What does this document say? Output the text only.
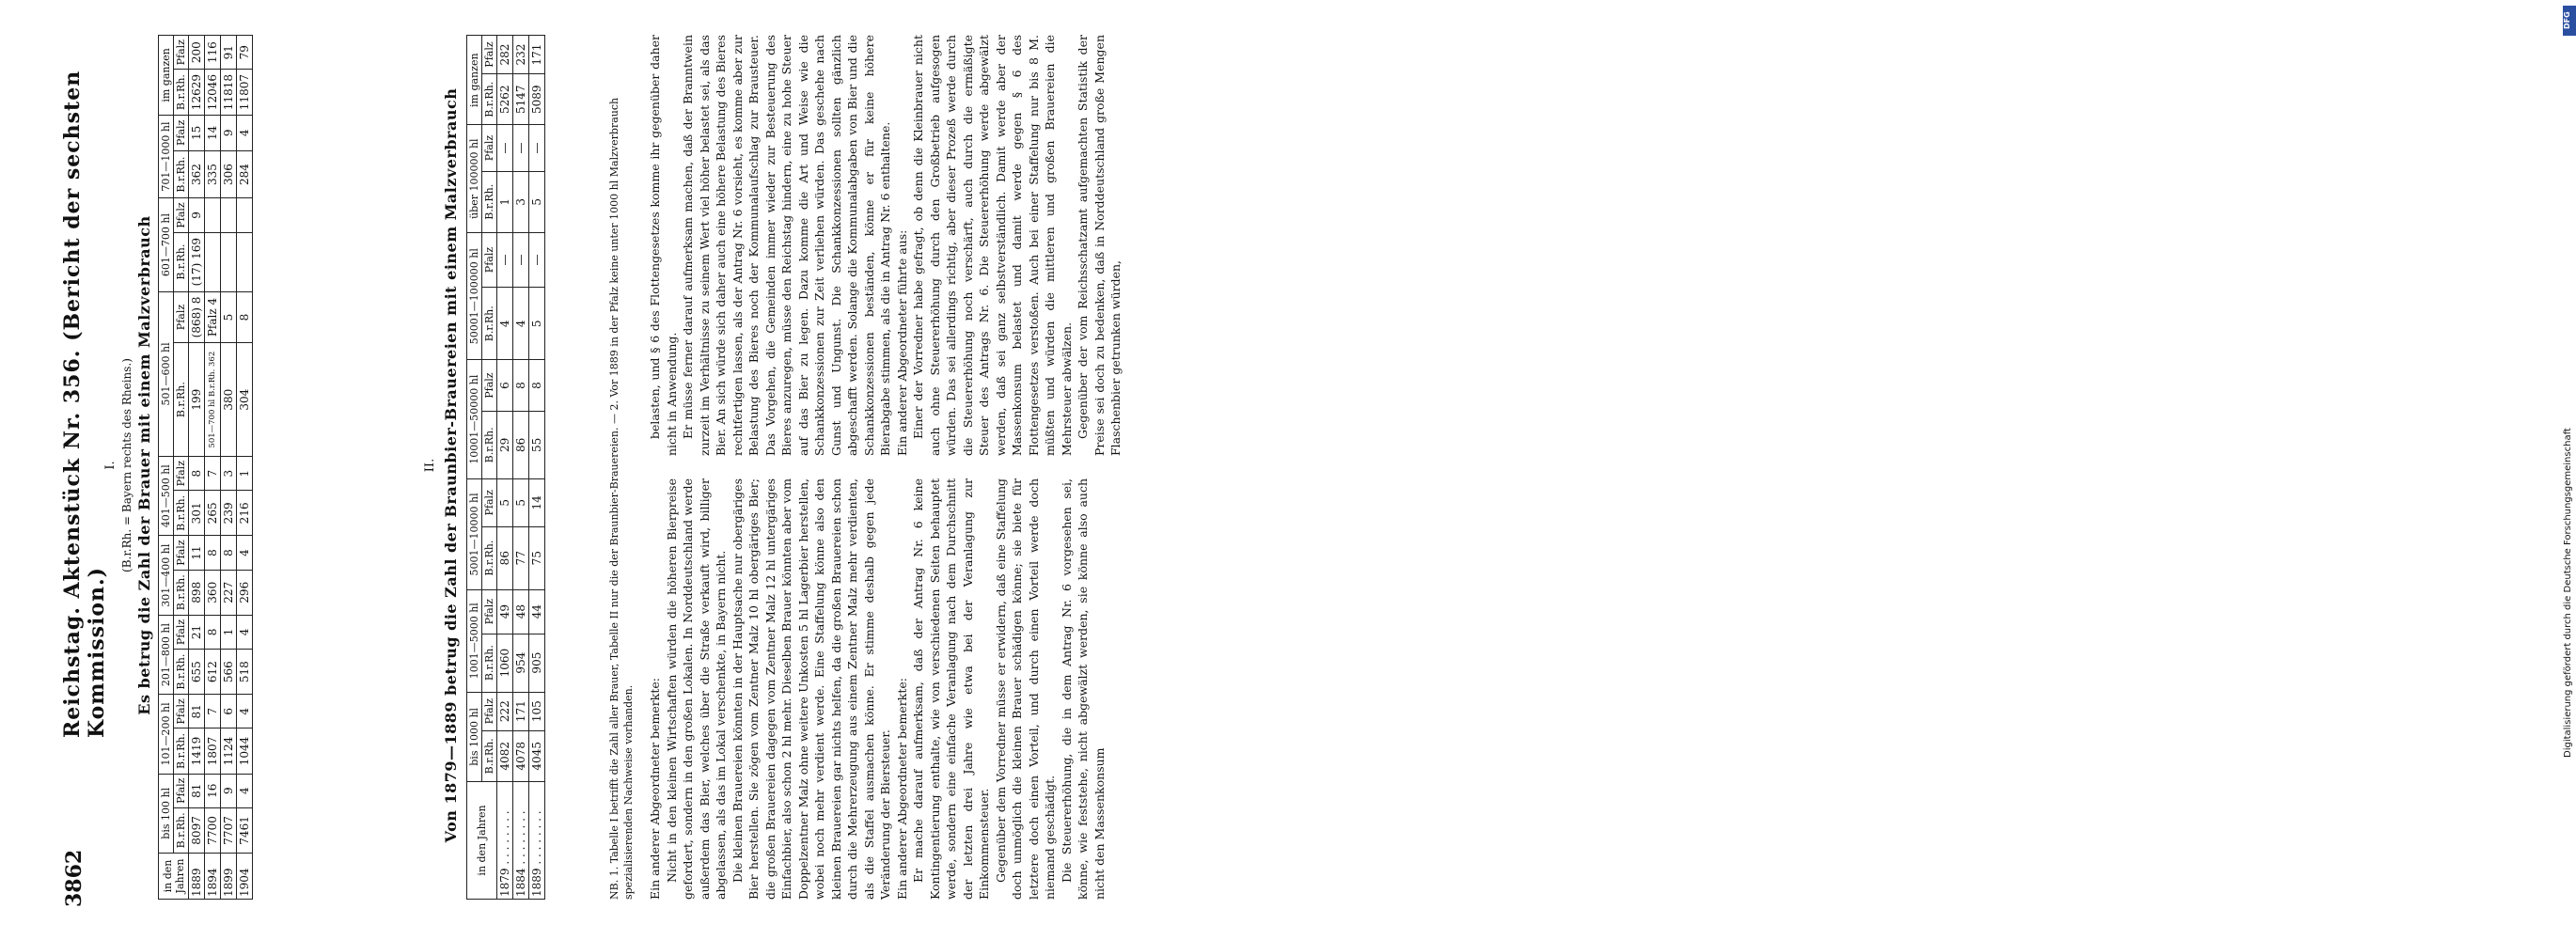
DFG
Digitalisierung gefördert durch die Deutsche Forschungsgemeinschaft
3862
Reichstag. Aktenstück Nr. 356. (Bericht der sechsten Kommission.)
I. (B.r.Rh. = Bayern rechts des Rheins.) Es betrug die Zahl der Brauer mit einem Malzverbrauch
in den Jahren	bis 100 hl		101—200 hl		201—800 hl		301—400 hl		401—500 hl		501—600 hl		601—700 hl		701—1000 hl		im ganzen	
	B.r.Rh.	Pfalz	B.r.Rh.	Pfalz	B.r.Rh.	Pfalz	B.r.Rh.	Pfalz	B.r.Rh.	Pfalz	B.r.Rh.	Pfalz	B.r.Rh.	Pfalz	B.r.Rh.	Pfalz	B.r.Rh.	Pfalz
1889	8097	81	1419	81	655	21	898	11	301	8	199	(868) 8	(17) 169	9	362	15	12629	200
1894	7700	16	1807	7	612	8	360	8	265	7	501—700 hl B.r.Rh. 362	Pfalz 4			335	14	12046	116
1899	7707	9	1124	6	566	1	227	8	239	3	380	5			306	9	11818	91
1904	7461	4	1044	4	518	4	296	4	216	1	304	8			284	4	11807	79
II. Von 1879—1889 betrug die Zahl der Braunbier-Brauereien mit einem Malzverbrauch in den Jahren	bis 1000 hl		1001—5000 hl		5001—10000 hl		10001—50000 hl		50001—100000 hl		über 100000 hl		im ganzen	
	B.r.Rh.	Pfalz	B.r.Rh.	Pfalz	B.r.Rh.	Pfalz	B.r.Rh.	Pfalz	B.r.Rh.	Pfalz	B.r.Rh.	Pfalz	B.r.Rh.	Pfalz
1879 . . . . . . . .	4082	222	1060	49	86	5	29	6	4	—	1	—	5262	282
1884 . . . . . . . .	4078	171	954	48	77	5	86	8	4	—	3	—	5147	232
1889 . . . . . . . .	4045	105	905	44	75	14	55	8	5	—	5	—	5089	171
NB. 1. Tabelle I betrifft die Zahl aller Brauer, Tabelle II nur die der Braunbier-Brauereien. — 2. Vor 1889 in der Pfalz keine unter 1000 hl Malzverbrauch spezialisierenden Nachweise vorhanden. Ein anderer Abgeordneter bemerkte: Nicht in den kleinen Wirtschaften würden die höheren Bierpreise gefordert, sondern in den großen Lokalen. In Norddeutschland werde außerdem das Bier, welches über die Straße verkauft wird, billiger abgelassen, als das im Lokal verschenkte, in Bayern nicht. Die kleinen Brauereien könnten in der Hauptsache nur obergäriges Bier herstellen. Sie zögen vom Zentner Malz 10 hl obergäriges Bier; die großen Brauereien dagegen vom Zentner Malz 12 hl untergäriges Einfachbier, also schon 2 hl mehr. Dieselben Brauer könnten aber vom Doppelzentner Malz ohne weitere Unkosten 5 hl Lagerbier herstellen, wobei noch mehr verdient werde. Eine Staffelung könne also den kleinen Brauereien gar nichts helfen, da die großen Brauereien schon durch die Mehrerzeugung aus einem Zentner Malz mehr verdienten, als die Staffel ausmachen könne. Er stimme deshalb gegen jede Veränderung der Biersteuer. Ein anderer Abgeordneter bemerkte: Er mache darauf aufmerksam, daß der Antrag Nr. 6 keine Kontingentierung enthalte, wie von verschiedenen Seiten behauptet werde, sondern eine einfache Veranlagung nach dem Durchschnitt der letzten drei Jahre wie etwa bei der Veranlagung zur Einkommensteuer. Gegenüber dem Vorredner müsse er erwidern, daß eine Staffelung doch unmöglich die kleinen Brauer schädigen könne; sie biete für letztere doch einen Vorteil, und durch einen Vorteil werde doch niemand geschädigt. Die Steuererhöhung, die in dem Antrag Nr. 6 vorgesehen sei, könne, wie feststehe, nicht abgewälzt werden, sie könne also auch nicht den Massenkonsum

belasten, und § 6 des Flottengesetzes komme ihr gegenüber daher nicht in Anwendung. Er müsse ferner darauf aufmerksam machen, daß der Branntwein zurzeit im Verhältnisse zu seinem Wert viel höher belastet sei, als das Bier. An sich würde sich daher auch eine höhere Belastung des Bieres rechtfertigen lassen, als der Antrag Nr. 6 vorsieht, es komme aber zur Belastung des Bieres noch der Kommunalaufschlag zur Brausteuer. Das Vorgehen, die Gemeinden immer wieder zur Besteuerung des Bieres anzuregen, müsse den Reichstag hindern, eine zu hohe Steuer auf das Bier zu legen. Dazu komme die Art und Weise wie die Schankkonzessionen zur Zeit verliehen würden. Das geschehe nach Gunst und Ungunst. Die Schankkonzessionen sollten gänzlich abgeschafft werden. Solange die Kommunalabgaben von Bier und die Schankkonzessionen beständen, könne er für keine höhere Bierabgabe stimmen, als die in Antrag Nr. 6 enthaltene. Ein anderer Abgeordneter führte aus: Einer der Vorredner habe gefragt, ob denn die Kleinbrauer nicht auch ohne Steuererhöhung durch den Großbetrieb aufgesogen würden. Das sei allerdings richtig, aber dieser Prozeß werde durch die Steuererhöhung noch verschärft, auch durch die ermäßigte Steuer des Antrags Nr. 6. Die Steuererhöhung werde abgewälzt werden, daß sei ganz selbstverständlich. Damit werde aber der Massenkonsum belastet und damit werde gegen § 6 des Flottengesetzes verstoßen. Auch bei einer Staffelung nur bis 8 M. müßten und würden die mittleren und großen Brauereien die Mehrsteuer abwälzen. Gegenüber der vom Reichsschatzamt aufgemachten Statistik der Preise sei doch zu bedenken, daß in Norddeutschland große Mengen Flaschenbier getrunken würden,
